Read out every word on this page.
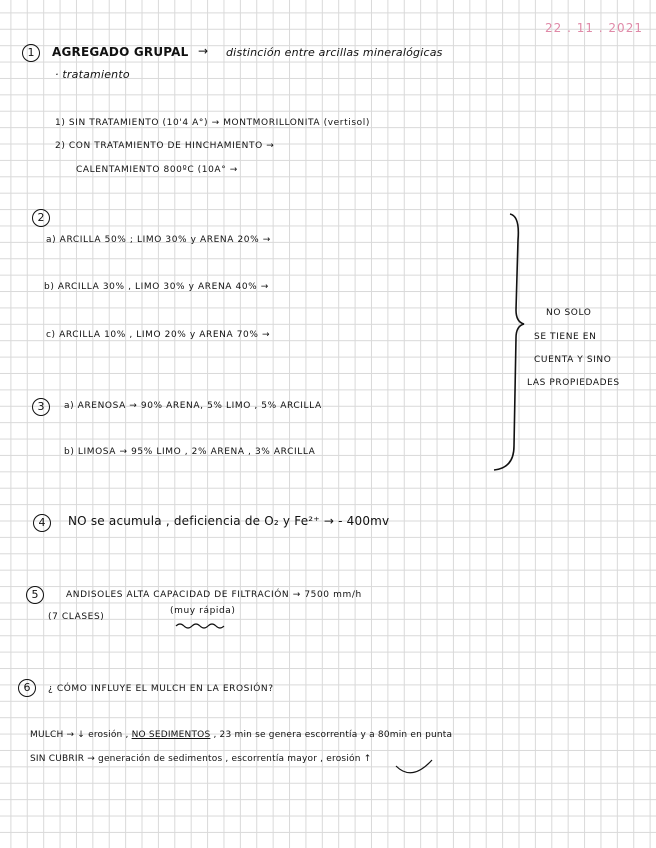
22 . 11 . 2021
1	AGREGADO GRUPAL → distinción entre arcillas mineralógicas
· tratamiento
1) SIN TRATAMIENTO (10'4 A°) → MONTMORILLONITA (vertisol)
2) CON TRATAMIENTO DE HINCHAMIENTO →
CALENTAMIENTO 800ºC (10A° →
2
a) ARCILLA 50% ; LIMO 30% y ARENA 20% →
b) ARCILLA 30% , LIMO 30% y ARENA 40% →
c) ARCILLA 10% , LIMO 20% y ARENA 70% →
3	a) ARENOSA → 90% ARENA, 5% LIMO , 5% ARCILLA
b) LIMOSA → 95% LIMO , 2% ARENA , 3% ARCILLA
NO SOLO
SE TIENE EN
CUENTA Y SINO
LAS PROPIEDADES
4	NO se acumula , deficiencia de O₂ y Fe²⁺ → - 400mv
5	ANDISOLES ALTA CAPACIDAD DE FILTRACIÓN → 7500 mm/h
(7 CLASES)
(muy rápida)
6	¿ CÓMO INFLUYE EL MULCH EN LA EROSIÓN?
MULCH → ↓ erosión , NO SEDIMENTOS , 23 min se genera escorrentía y a 80min en punta
SIN CUBRIR → generación de sedimentos , escorrentía mayor , erosión ↑
